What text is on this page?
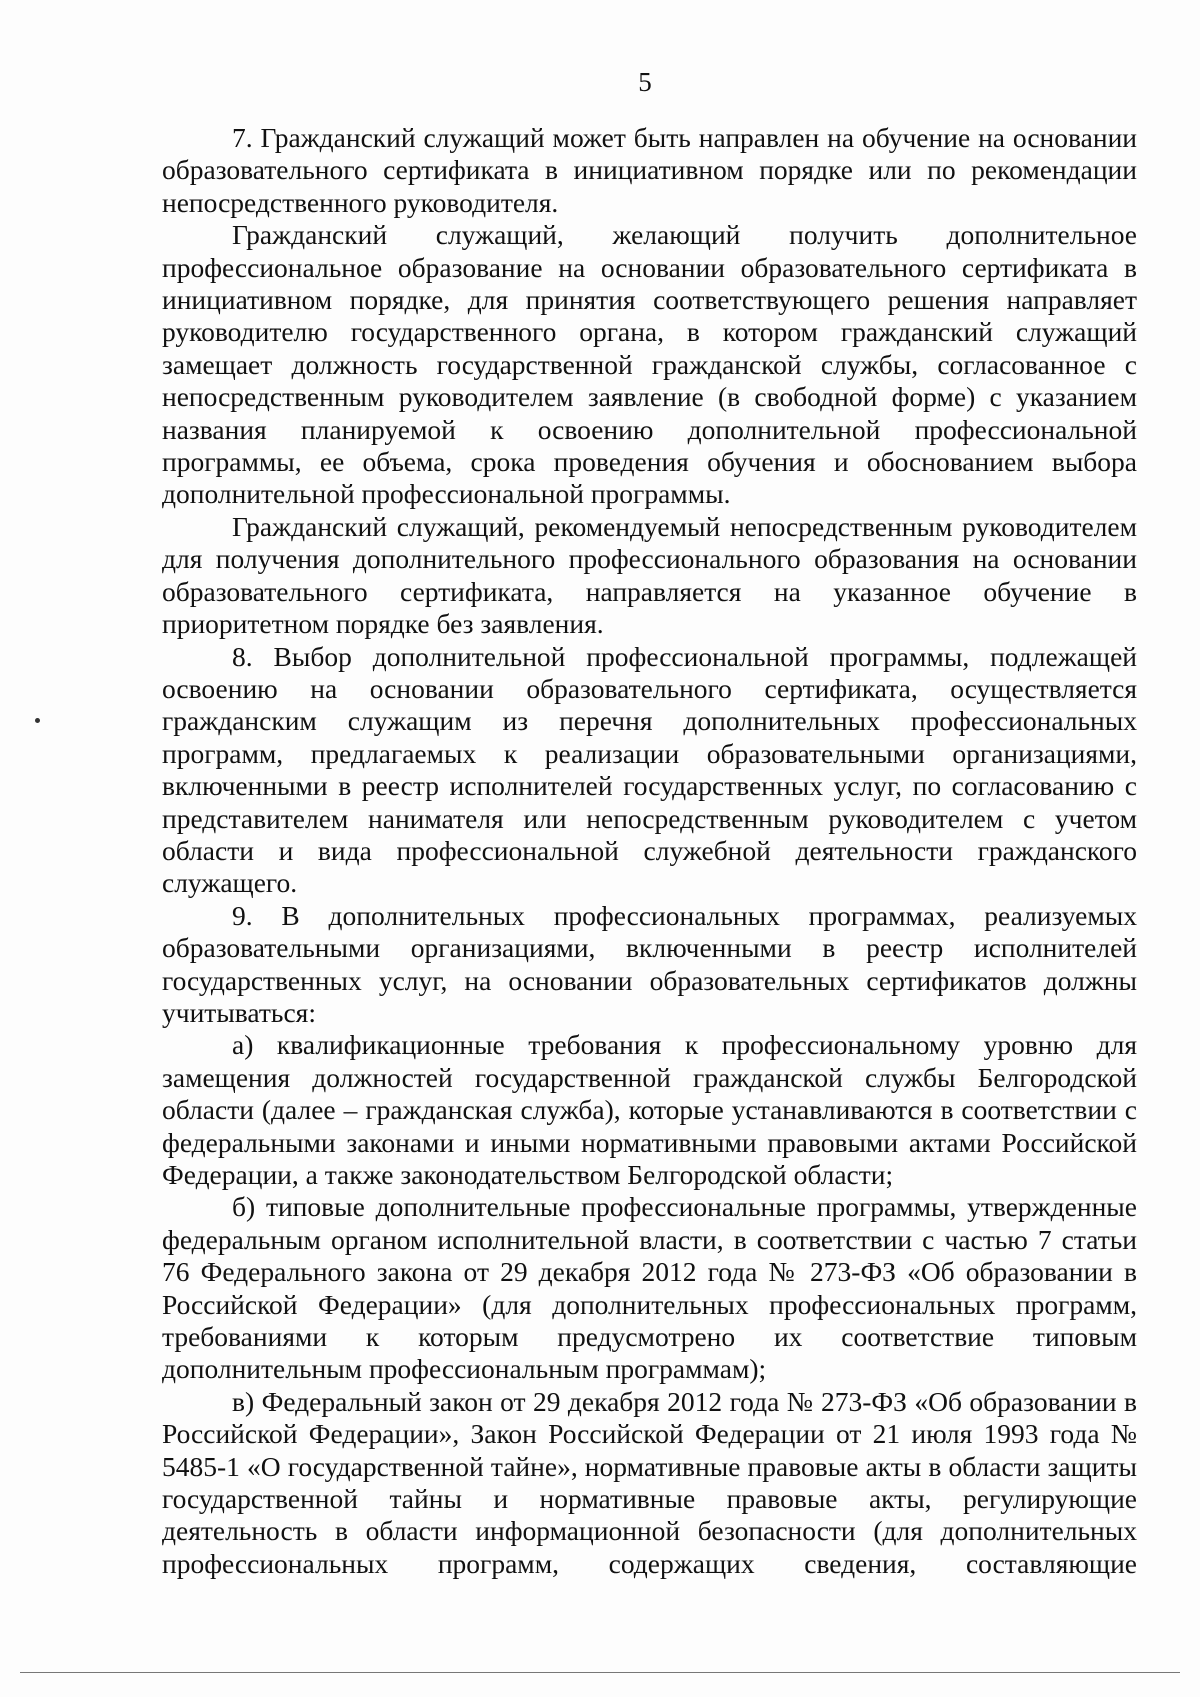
5

7. Гражданский служащий может быть направлен на обучение на основании образовательного сертификата в инициативном порядке или по рекомендации непосредственного руководителя.

Гражданский служащий, желающий получить дополнительное профессиональное образование на основании образовательного сертификата в инициативном порядке, для принятия соответствующего решения направляет руководителю государственного органа, в котором гражданский служащий замещает должность государственной гражданской службы, согласованное с непосредственным руководителем заявление (в свободной форме) с указанием названия планируемой к освоению дополнительной профессиональной программы, ее объема, срока проведения обучения и обоснованием выбора дополнительной профессиональной программы.

Гражданский служащий, рекомендуемый непосредственным руководителем для получения дополнительного профессионального образования на основании образовательного сертификата, направляется на указанное обучение в приоритетном порядке без заявления.

8. Выбор дополнительной профессиональной программы, подлежащей освоению на основании образовательного сертификата, осуществляется гражданским служащим из перечня дополнительных профессиональных программ, предлагаемых к реализации образовательными организациями, включенными в реестр исполнителей государственных услуг, по согласованию с представителем нанимателя или непосредственным руководителем с учетом области и вида профессиональной служебной деятельности гражданского служащего.

9. В дополнительных профессиональных программах, реализуемых образовательными организациями, включенными в реестр исполнителей государственных услуг, на основании образовательных сертификатов должны учитываться:

а) квалификационные требования к профессиональному уровню для замещения должностей государственной гражданской службы Белгородской области (далее – гражданская служба), которые устанавливаются в соответствии с федеральными законами и иными нормативными правовыми актами Российской Федерации, а также законодательством Белгородской области;

б) типовые дополнительные профессиональные программы, утвержденные федеральным органом исполнительной власти, в соответствии с частью 7 статьи 76 Федерального закона от 29 декабря 2012 года № 273-ФЗ «Об образовании в Российской Федерации» (для дополнительных профессиональных программ, требованиями к которым предусмотрено их соответствие типовым дополнительным профессиональным программам);

в) Федеральный закон от 29 декабря 2012 года № 273-ФЗ «Об образовании в Российской Федерации», Закон Российской Федерации от 21 июля 1993 года № 5485-1 «О государственной тайне», нормативные правовые акты в области защиты государственной тайны и нормативные правовые акты, регулирующие деятельность в области информационной безопасности (для дополнительных профессиональных программ, содержащих сведения, составляющие
